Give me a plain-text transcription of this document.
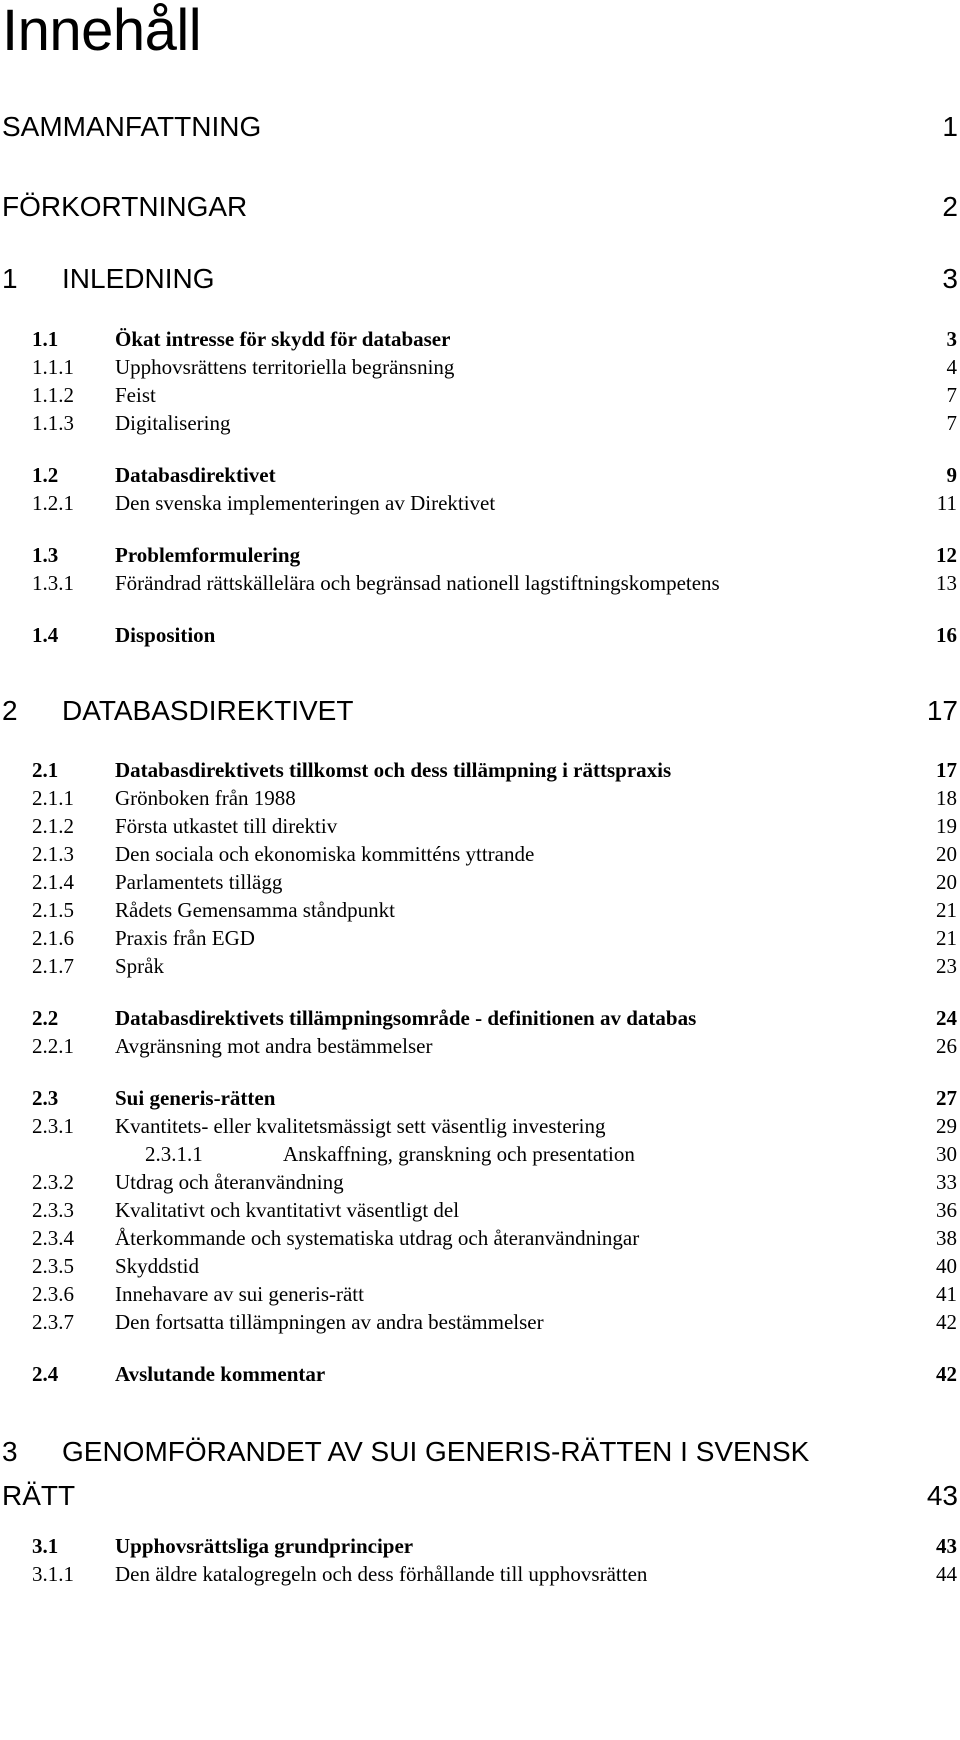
Innehåll
SAMMANFATTNING	1
FÖRKORTNINGAR	2
1 INLEDNING	3
1.1	Ökat intresse för skydd för databaser	3
1.1.1 Upphovsrättens territoriella begränsning	4
1.1.2 Feist	7
1.1.3 Digitalisering	7
1.2	Databasdirektivet	9
1.2.1 Den svenska implementeringen av Direktivet	11
1.3	Problemformulering	12
1.3.1 Förändrad rättskällelära och begränsad nationell lagstiftningskompetens	13
1.4	Disposition	16
2 DATABASDIREKTIVET	17
2.1	Databasdirektivets tillkomst och dess tillämpning i rättspraxis	17
2.1.1 Grönboken från 1988	18
2.1.2 Första utkastet till direktiv	19
2.1.3 Den sociala och ekonomiska kommitténs yttrande	20
2.1.4 Parlamentets tillägg	20
2.1.5 Rådets Gemensamma ståndpunkt	21
2.1.6 Praxis från EGD	21
2.1.7 Språk	23
2.2	Databasdirektivets tillämpningsområde - definitionen av databas	24
2.2.1 Avgränsning mot andra bestämmelser	26
2.3	Sui generis-rätten	27
2.3.1 Kvantitets- eller kvalitetsmässigt sett väsentlig investering	29
2.3.1.1	Anskaffning, granskning och presentation	30
2.3.2 Utdrag och återanvändning	33
2.3.3 Kvalitativt och kvantitativt väsentligt del	36
2.3.4 Återkommande och systematiska utdrag och återanvändningar	38
2.3.5 Skyddstid	40
2.3.6 Innehavare av sui generis-rätt	41
2.3.7 Den fortsatta tillämpningen av andra bestämmelser	42
2.4	Avslutande kommentar	42
3 GENOMFÖRANDET AV SUI GENERIS-RÄTTEN I SVENSK
RÄTT	43
3.1	Upphovsrättsliga grundprinciper	43
3.1.1 Den äldre katalogregeln och dess förhållande till upphovsrätten	44
